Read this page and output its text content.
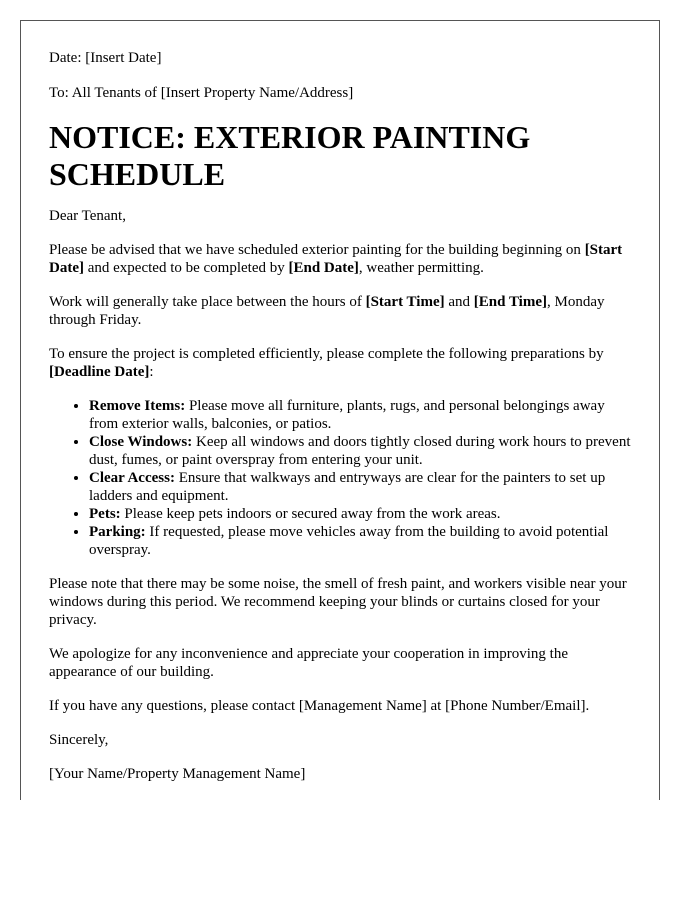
Date: [Insert Date]

To: All Tenants of [Insert Property Name/Address]

NOTICE: EXTERIOR PAINTING SCHEDULE

Dear Tenant,

Please be advised that we have scheduled exterior painting for the building beginning on [Start Date] and expected to be completed by [End Date], weather permitting.

Work will generally take place between the hours of [Start Time] and [End Time], Monday through Friday.

To ensure the project is completed efficiently, please complete the following preparations by [Deadline Date]:

• Remove Items: Please move all furniture, plants, rugs, and personal belongings away from exterior walls, balconies, or patios.
• Close Windows: Keep all windows and doors tightly closed during work hours to prevent dust, fumes, or paint overspray from entering your unit.
• Clear Access: Ensure that walkways and entryways are clear for the painters to set up ladders and equipment.
• Pets: Please keep pets indoors or secured away from the work areas.
• Parking: If requested, please move vehicles away from the building to avoid potential overspray.

Please note that there may be some noise, the smell of fresh paint, and workers visible near your windows during this period. We recommend keeping your blinds or curtains closed for your privacy.

We apologize for any inconvenience and appreciate your cooperation in improving the appearance of our building.

If you have any questions, please contact [Management Name] at [Phone Number/Email].

Sincerely,

[Your Name/Property Management Name]
